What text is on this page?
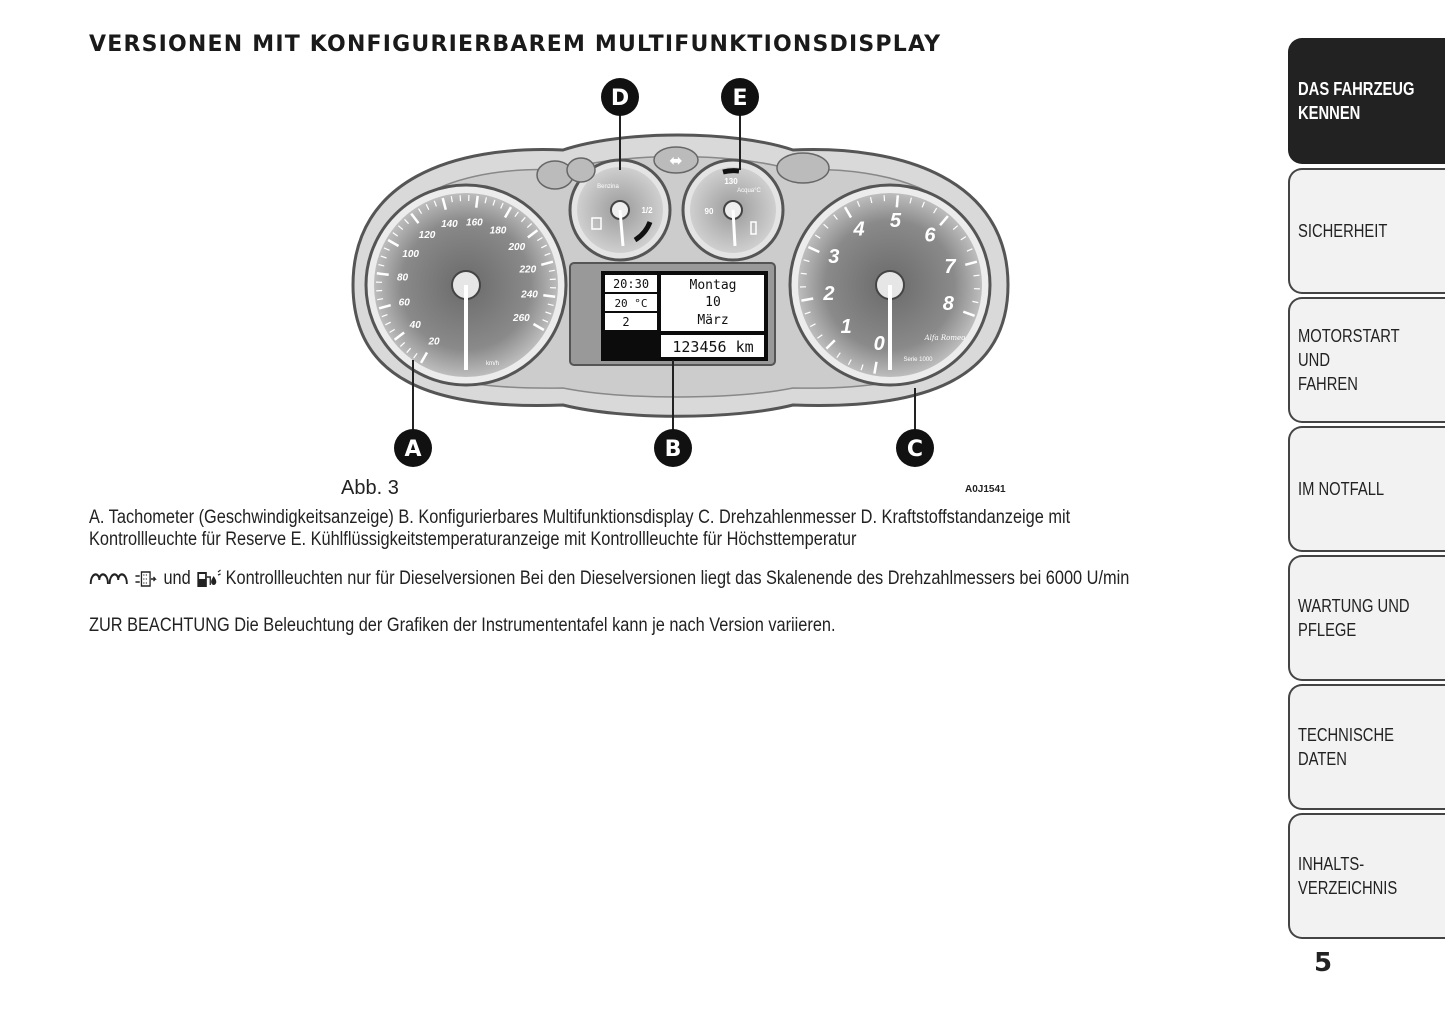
VERSIONEN MIT KONFIGURIERBAREM MULTIFUNKTIONSDISPLAY
20
40
60
80
100
120
140 160
180
200
220
240
260
km/h
0
1
2
3
4 5
6
7
8
Alfa Romeo
Serie 1000
Benzina
1/2
130
Acqua°C
90
⬌
20:30
20 °C
2
Montag
10
März
123456 km
A	B	C
D	E
Abb. 3	A0J1541
A. Tachometer (Geschwindigkeitsanzeige) B. Konfigurierbares Multifunktionsdisplay C. Drehzahlenmesser D. Kraftstoffstandanzeige mit
Kontrollleuchte für Reserve E. Kühlflüssigkeitstemperaturanzeige mit Kontrollleuchte für Höchsttemperatur
und Kontrollleuchten nur für Dieselversionen Bei den Dieselversionen liegt das Skalenende des Drehzahlmessers bei 6000 U/min
ZUR BEACHTUNG Die Beleuchtung der Grafiken der Instrumententafel kann je nach Version variieren.
DAS FAHRZEUG
KENNEN
SICHERHEIT
MOTORSTART UND
FAHREN
IM NOTFALL
WARTUNG UND
PFLEGE
TECHNISCHE DATEN
INHALTS-
VERZEICHNIS
5
